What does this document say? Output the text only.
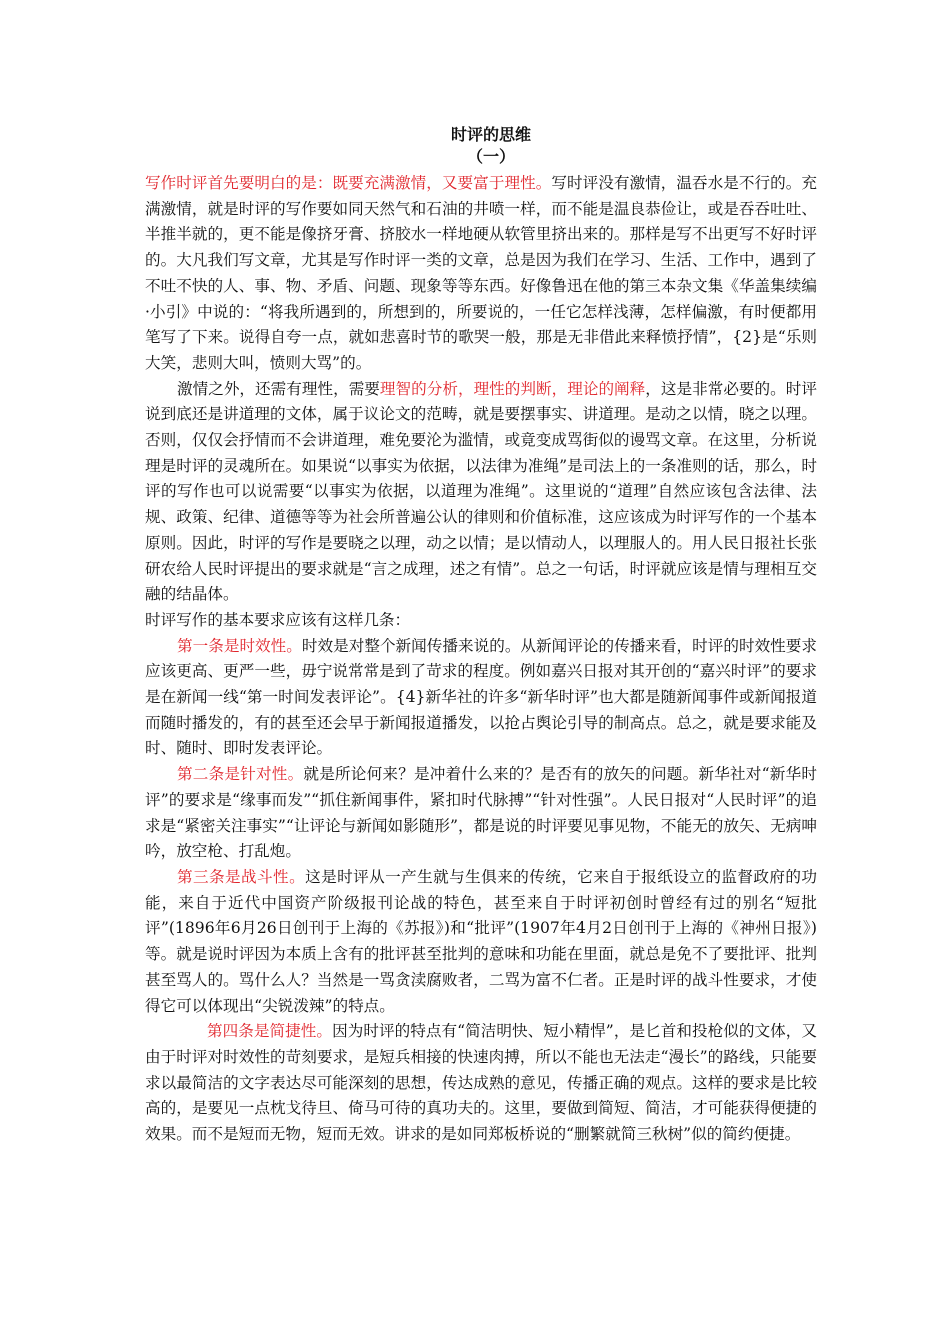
时评的思维

（一）

写作时评首先要明白的是：既要充满激情，又要富于理性。写时评没有激情，温吞水是不行的。充满激情，就是时评的写作要如同天然气和石油的井喷一样，而不能是温良恭俭让，或是吞吞吐吐、半推半就的，更不能是像挤牙膏、挤胶水一样地硬从软管里挤出来的。那样是写不出更写不好时评的。大凡我们写文章，尤其是写作时评一类的文章，总是因为我们在学习、生活、工作中，遇到了不吐不快的人、事、物、矛盾、问题、现象等等东西。好像鲁迅在他的第三本杂文集《华盖集续编·小引》中说的：“将我所遇到的，所想到的，所要说的，一任它怎样浅薄，怎样偏激，有时便都用笔写了下来。说得自夸一点，就如悲喜时节的歌哭一般，那是无非借此来释愤抒情”，{2}是“乐则大笑，悲则大叫，愤则大骂”的。

激情之外，还需有理性，需要理智的分析，理性的判断，理论的阐释，这是非常必要的。时评说到底还是讲道理的文体，属于议论文的范畴，就是要摆事实、讲道理。是动之以情，晓之以理。否则，仅仅会抒情而不会讲道理，难免要沦为滥情，或竟变成骂街似的谩骂文章。在这里，分析说理是时评的灵魂所在。如果说“以事实为依据，以法律为准绳”是司法上的一条准则的话，那么，时评的写作也可以说需要“以事实为依据，以道理为准绳”。这里说的“道理”自然应该包含法律、法规、政策、纪律、道德等等为社会所普遍公认的律则和价值标准，这应该成为时评写作的一个基本原则。因此，时评的写作是要晓之以理，动之以情；是以情动人，以理服人的。用人民日报社长张研农给人民时评提出的要求就是“言之成理，述之有情”。总之一句话，时评就应该是情与理相互交融的结晶体。

时评写作的基本要求应该有这样几条：

第一条是时效性。时效是对整个新闻传播来说的。从新闻评论的传播来看，时评的时效性要求应该更高、更严一些，毋宁说常常是到了苛求的程度。例如嘉兴日报对其开创的“嘉兴时评”的要求是在新闻一线“第一时间发表评论”。{4}新华社的许多“新华时评”也大都是随新闻事件或新闻报道而随时播发的，有的甚至还会早于新闻报道播发，以抢占舆论引导的制高点。总之，就是要求能及时、随时、即时发表评论。

第二条是针对性。就是所论何来？是冲着什么来的？是否有的放矢的问题。新华社对“新华时评”的要求是“缘事而发”“抓住新闻事件，紧扣时代脉搏”“针对性强”。人民日报对“人民时评”的追求是“紧密关注事实”“让评论与新闻如影随形”，都是说的时评要见事见物，不能无的放矢、无病呻吟，放空枪、打乱炮。

第三条是战斗性。这是时评从一产生就与生俱来的传统，它来自于报纸设立的监督政府的功能，来自于近代中国资产阶级报刊论战的特色，甚至来自于时评初创时曾经有过的别名“短批评”(1896年6月26日创刊于上海的《苏报》)和“批评”(1907年4月2日创刊于上海的《神州日报》)等。就是说时评因为本质上含有的批评甚至批判的意味和功能在里面，就总是免不了要批评、批判甚至骂人的。骂什么人？当然是一骂贪渎腐败者，二骂为富不仁者。正是时评的战斗性要求，才使得它可以体现出“尖锐泼辣”的特点。

第四条是简捷性。因为时评的特点有“简洁明快、短小精悍”，是匕首和投枪似的文体，又由于时评对时效性的苛刻要求，是短兵相接的快速肉搏，所以不能也无法走“漫长”的路线，只能要求以最简洁的文字表达尽可能深刻的思想，传达成熟的意见，传播正确的观点。这样的要求是比较高的，是要见一点枕戈待旦、倚马可待的真功夫的。这里，要做到简短、简洁，才可能获得便捷的效果。而不是短而无物，短而无效。讲求的是如同郑板桥说的“删繁就简三秋树”似的简约便捷。
